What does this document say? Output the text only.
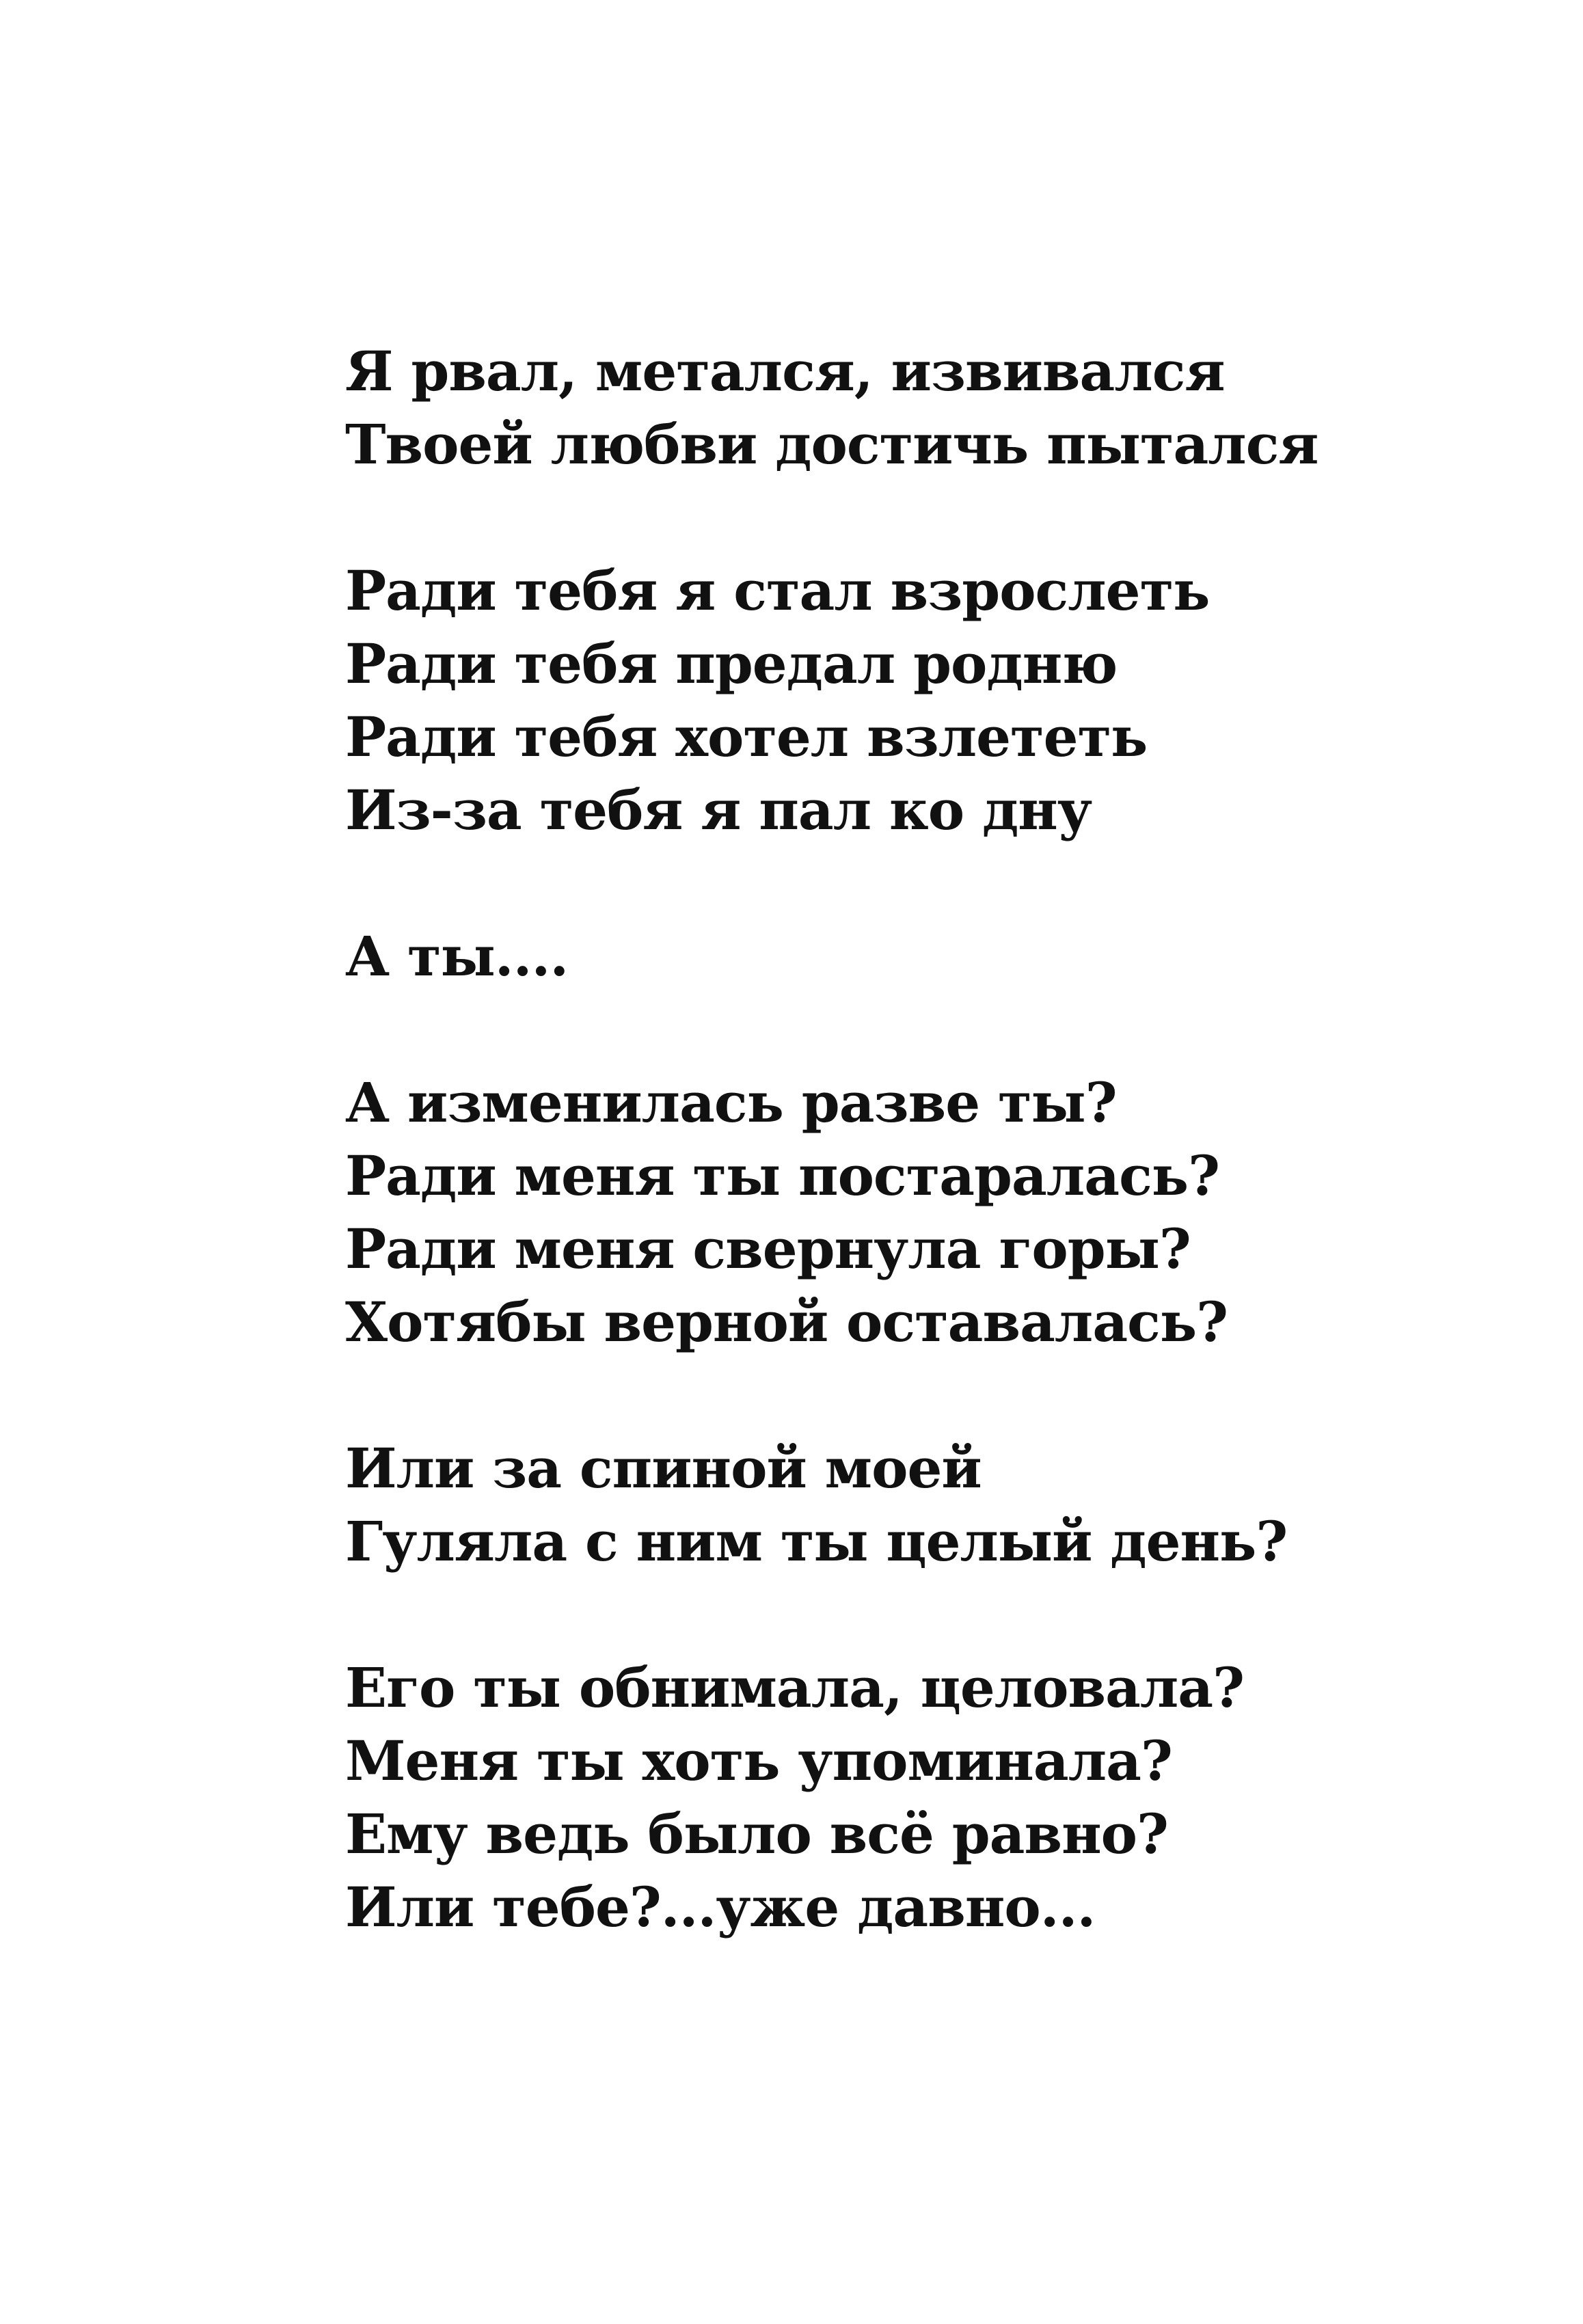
Я рвал, метался, извивался
Твоей любви достичь пытался
Ради тебя я стал взрослеть
Ради тебя предал родню
Ради тебя хотел взлететь
Из-за тебя я пал ко дну
А ты....
А изменилась разве ты?
Ради меня ты постаралась?
Ради меня свернула горы?
Хотябы верной оставалась?
Или за спиной моей
Гуляла с ним ты целый день?
Его ты обнимала, целовала?
Меня ты хоть упоминала?
Ему ведь было всё равно?
Или тебе?...уже давно...
